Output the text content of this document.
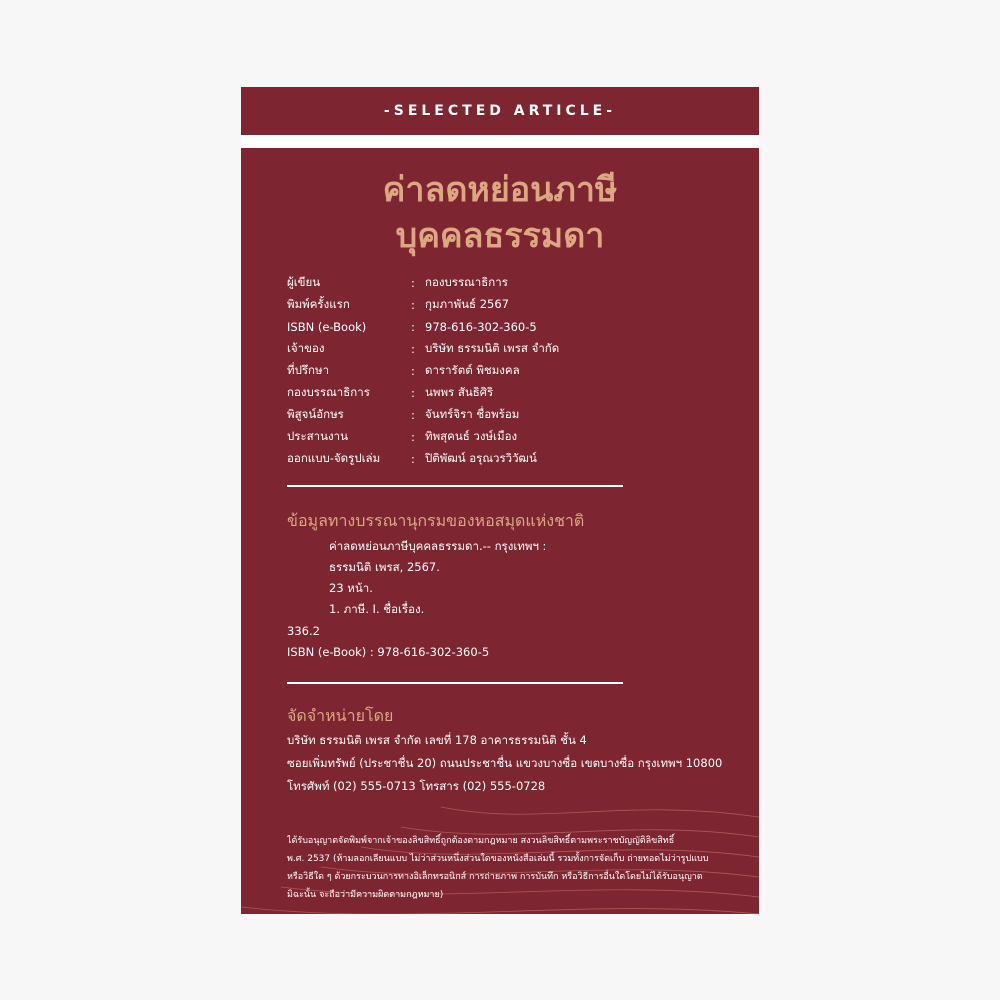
-SELECTED ARTICLE-
ค่าลดหย่อนภาษี
บุคคลธรรมดา
ผู้เขียน	: กองบรรณาธิการ
พิมพ์ครั้งแรก	: กุมภาพันธ์ 2567
ISBN (e-Book)	: 978-616-302-360-5
เจ้าของ	: บริษัท ธรรมนิติ เพรส จำกัด
ที่ปรึกษา	: ดารารัตต์ พิชมงคล
กองบรรณาธิการ	: นพพร สันธิศิริ
พิสูจน์อักษร	: จันทร์จิรา ชื่อพร้อม
ประสานงาน	: ทิพสุคนธ์ วงษ์เมือง
ออกแบบ-จัดรูปเล่ม	: ปิติพัฒน์ อรุณวรวิวัฒน์
ข้อมูลทางบรรณานุกรมของหอสมุดแห่งชาติ
ค่าลดหย่อนภาษีบุคคลธรรมดา.-- กรุงเทพฯ :
ธรรมนิติ เพรส, 2567.
23 หน้า.
1. ภาษี. I. ชื่อเรื่อง.
336.2
ISBN (e-Book) : 978-616-302-360-5
จัดจำหน่ายโดย
บริษัท ธรรมนิติ เพรส จำกัด เลขที่ 178 อาคารธรรมนิติ ชั้น 4
ซอยเพิ่มทรัพย์ (ประชาชื่น 20) ถนนประชาชื่น แขวงบางซื่อ เขตบางซื่อ กรุงเทพฯ 10800
โทรศัพท์ (02) 555-0713 โทรสาร (02) 555-0728
ได้รับอนุญาตจัดพิมพ์จากเจ้าของลิขสิทธิ์ถูกต้องตามกฎหมาย สงวนลิขสิทธิ์ตามพระราชบัญญัติลิขสิทธิ์
พ.ศ. 2537 (ห้ามลอกเลียนแบบ ไม่ว่าส่วนหนึ่งส่วนใดของหนังสือเล่มนี้ รวมทั้งการจัดเก็บ ถ่ายทอดไม่ว่ารูปแบบ
หรือวิธีใด ๆ ด้วยกระบวนการทางอิเล็กทรอนิกส์ การถ่ายภาพ การบันทึก หรือวิธีการอื่นใดโดยไม่ได้รับอนุญาต
มิฉะนั้น จะถือว่ามีความผิดตามกฎหมาย)
